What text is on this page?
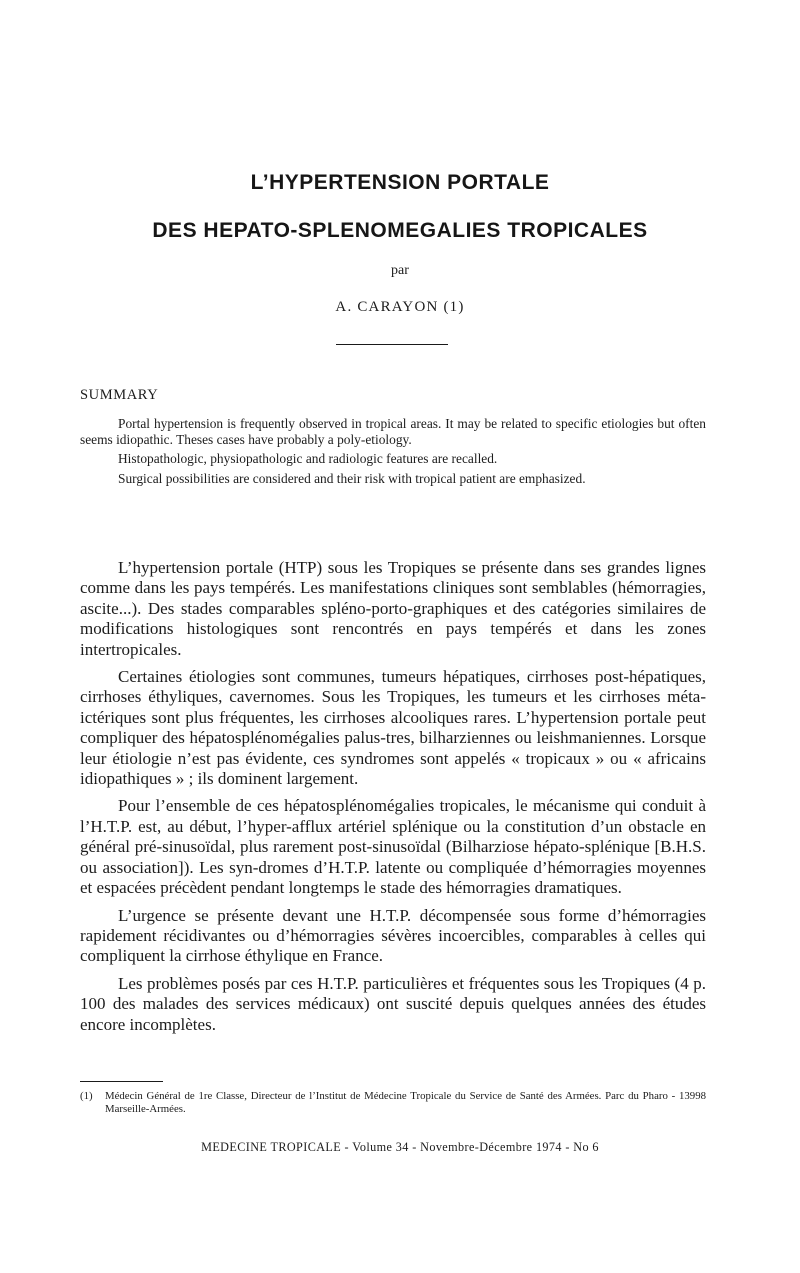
L’HYPERTENSION PORTALE
DES HEPATO-SPLENOMEGALIES TROPICALES
par
A. CARAYON (1)
SUMMARY

Portal hypertension is frequently observed in tropical areas. It may be related to specific etiologies but often seems idiopathic. Theses cases have probably a poly-etiology.

Histopathologic, physiopathologic and radiologic features are recalled.

Surgical possibilities are considered and their risk with tropical patient are emphasized.

L’hypertension portale (HTP) sous les Tropiques se présente dans ses grandes lignes comme dans les pays tempérés. Les manifestations cliniques sont semblables (hémorragies, ascite...). Des stades comparables spléno-porto-graphiques et des catégories similaires de modifications histologiques sont rencontrés en pays tempérés et dans les zones intertropicales.

Certaines étiologies sont communes, tumeurs hépatiques, cirrhoses post-hépatiques, cirrhoses éthyliques, cavernomes. Sous les Tropiques, les tumeurs et les cirrhoses méta-ictériques sont plus fréquentes, les cirrhoses alcooliques rares. L’hypertension portale peut compliquer des hépatosplénomégalies palus-tres, bilharziennes ou leishmaniennes. Lorsque leur étiologie n’est pas évidente, ces syndromes sont appelés « tropicaux » ou « africains idiopathiques » ; ils dominent largement.

Pour l’ensemble de ces hépatosplénomégalies tropicales, le mécanisme qui conduit à l’H.T.P. est, au début, l’hyper-afflux artériel splénique ou la constitution d’un obstacle en général pré-sinusoïdal, plus rarement post-sinusoïdal (Bilharziose hépato-splénique [B.H.S. ou association]). Les syn-dromes d’H.T.P. latente ou compliquée d’hémorragies moyennes et espacées précèdent pendant longtemps le stade des hémorragies dramatiques.

L’urgence se présente devant une H.T.P. décompensée sous forme d’hémorragies rapidement récidivantes ou d’hémorragies sévères incoercibles, comparables à celles qui compliquent la cirrhose éthylique en France.

Les problèmes posés par ces H.T.P. particulières et fréquentes sous les Tropiques (4 p. 100 des malades des services médicaux) ont suscité depuis quelques années des études encore incomplètes.

(1)	Médecin Général de 1re Classe, Directeur de l’Institut de Médecine Tropicale du Service de Santé des Armées. Parc du Pharo - 13998 Marseille-Armées.
MEDECINE TROPICALE - Volume 34 - Novembre-Décembre 1974 - No 6
